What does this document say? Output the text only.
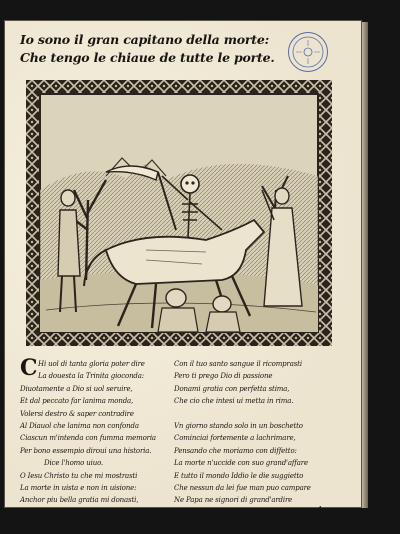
Io sono il gran capitano della morte:

Che tengo le chiaue de tutte le porte.

C Hi uol di tanta gloria poter dire
La douesta la Trinita gioconda:
Diuotamente a Dio si uol seruire,
Et dal peccato far lanima monda,
Volersi destro & saper contradire
Al Diauol che lanima non confonda
Ciascun m'intenda con fumma memoria
Per bono essempio diroui una historia.
Dice l'homo uiuo.
O Iesu Christo tu che mi mostrasti
La morte in uista e non in uisione:
Anchor piu bella gratia mi donasti,
Chauesti del tuo seruo compassione,
Con il tuo santo sangue il ricomprasti
Pero ti prego Dio di passione
Donami gratia con perfetta stima,
Che cio che intesi ui metta in rima.
Vn giorno stando solo in un boschetto
Cominciai fortemente a lachrimare,
Pensando che moriamo con diffetto:
La morte n'uccide con suo grand'affare
E tutto il mondo Iddio le die suggietto
Che nessun da lei fue man puo campare
Ne Papa ne signori di grand'ardire
Da le sue mane nessun puo fuggire.	A
